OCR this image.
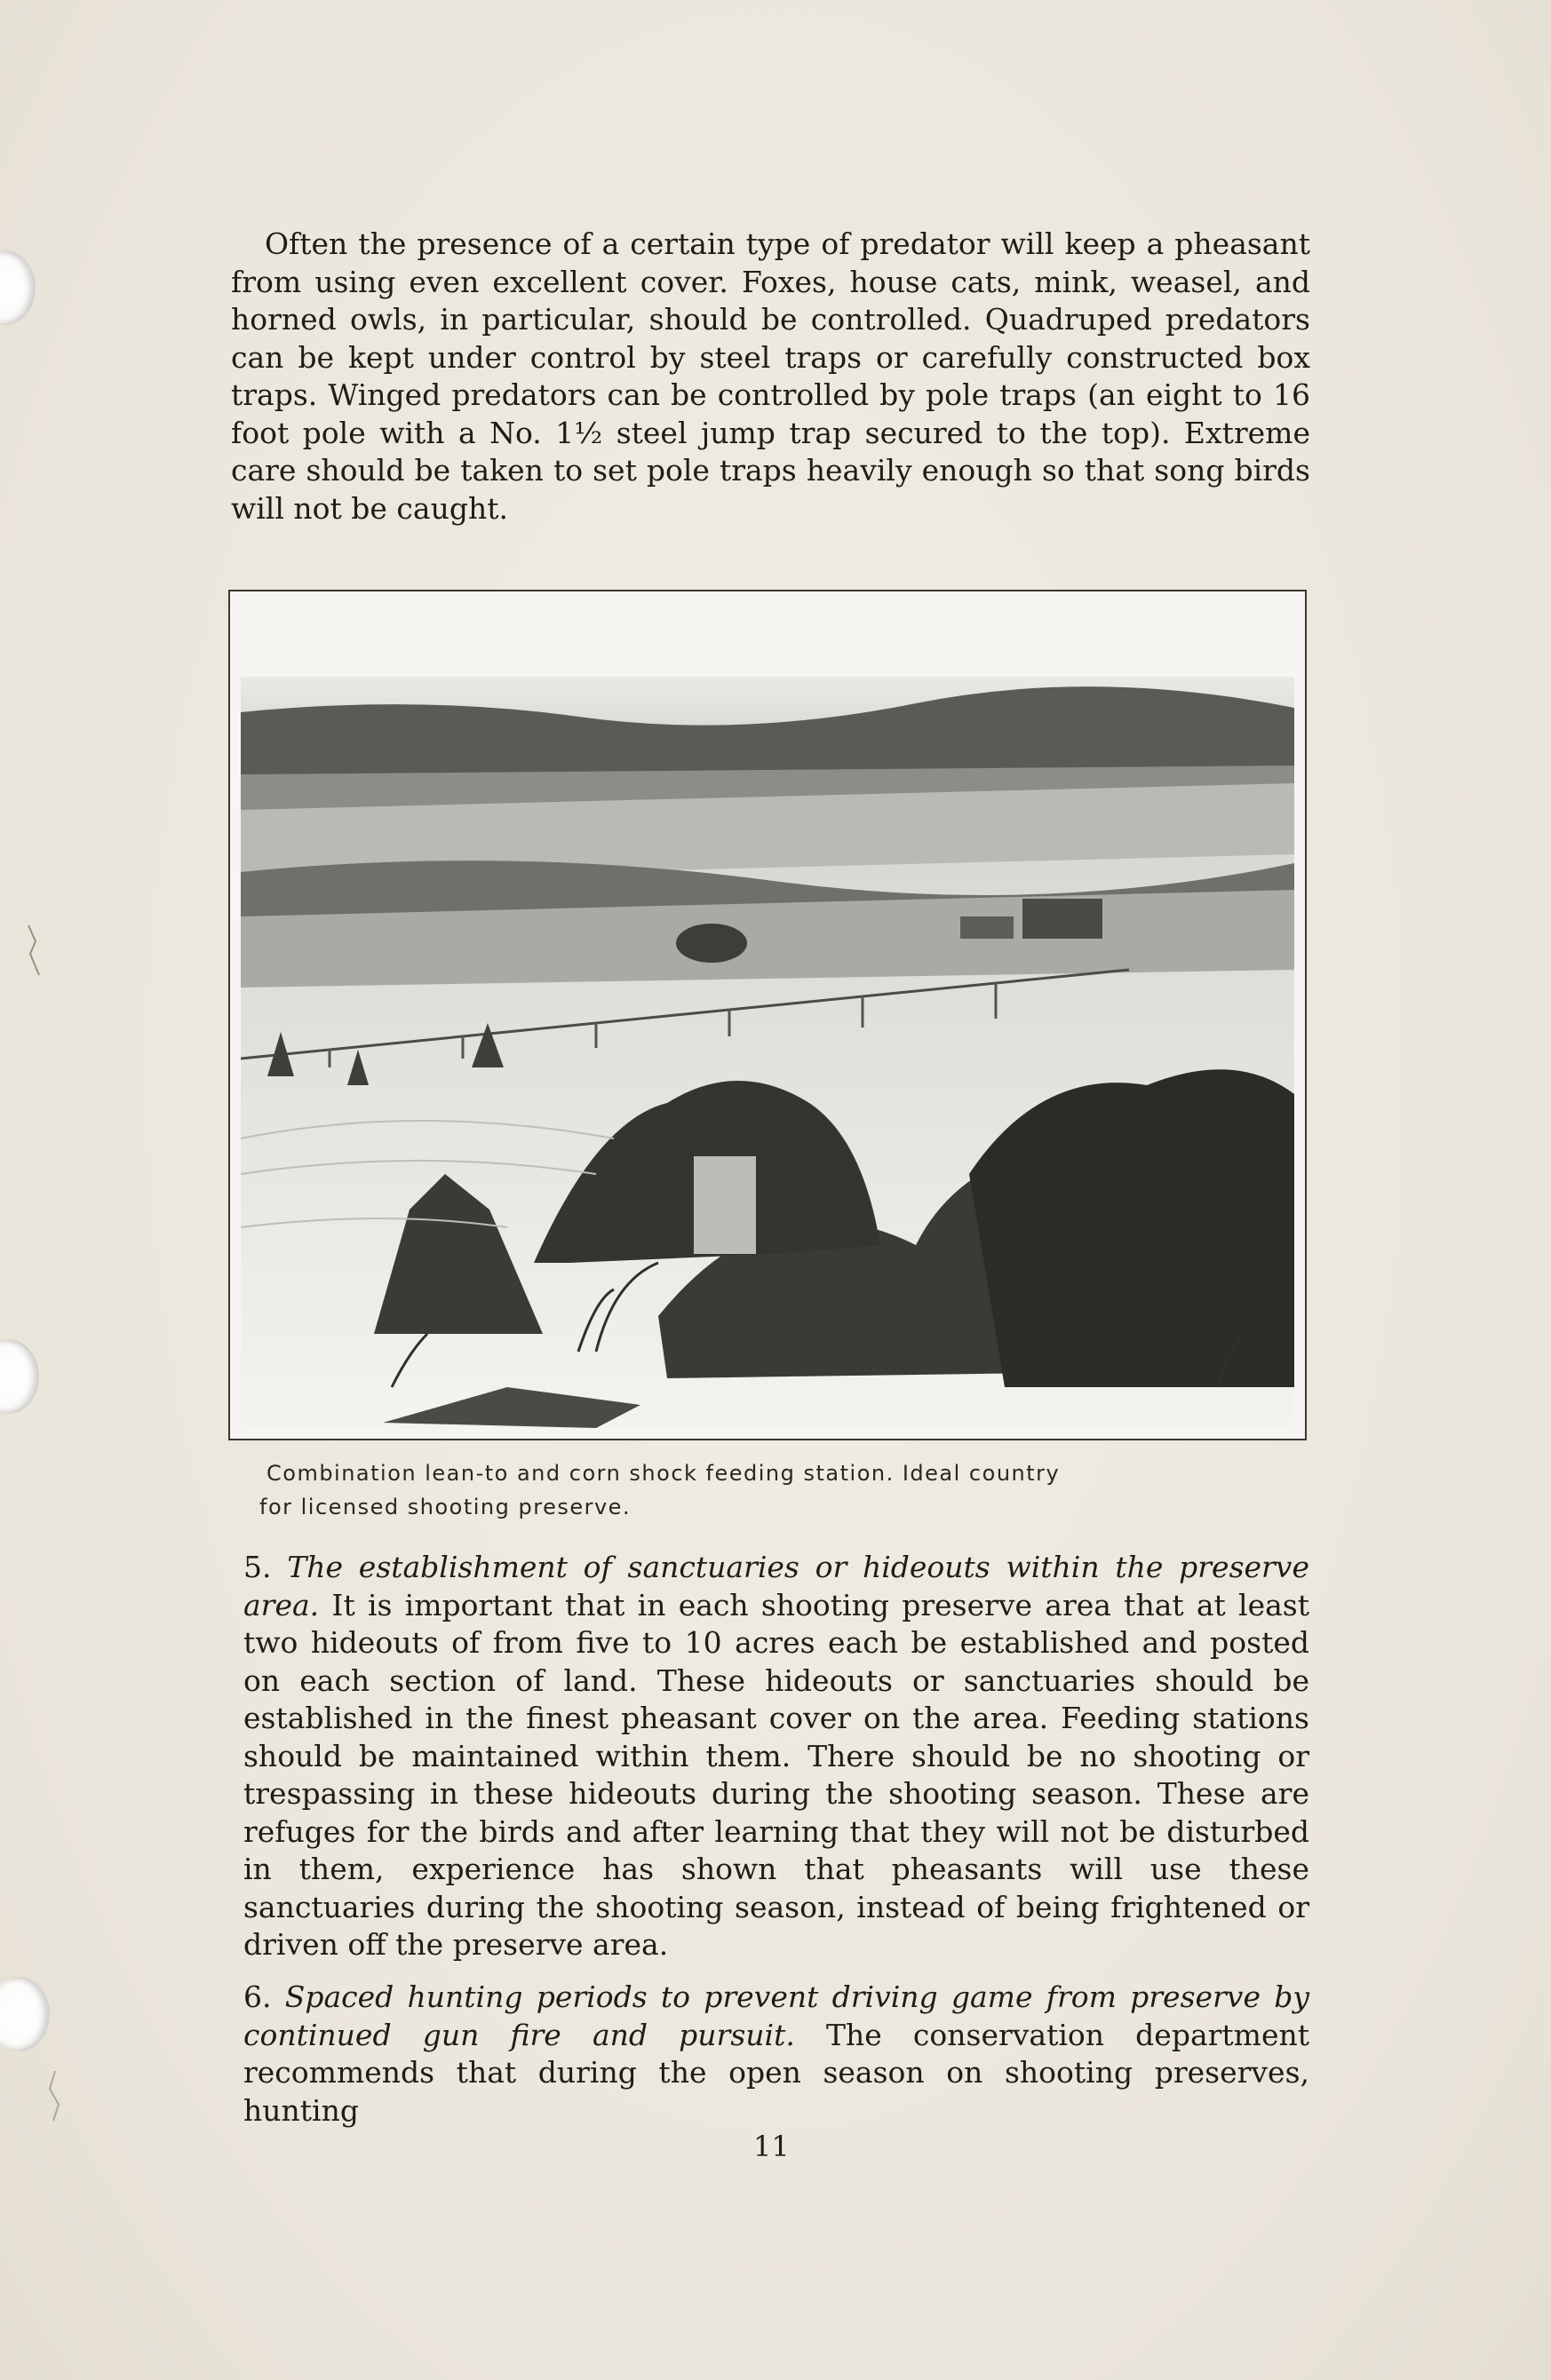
Often the presence of a certain type of predator will keep a pheasant from using even excellent cover. Foxes, house cats, mink, weasel, and horned owls, in particular, should be controlled. Quadruped predators can be kept under control by steel traps or carefully constructed box traps. Winged predators can be controlled by pole traps (an eight to 16 foot pole with a No. 1½ steel jump trap secured to the top). Extreme care should be taken to set pole traps heavily enough so that song birds will not be caught.

Combination lean-to and corn shock feeding station. Ideal country
for licensed shooting preserve.
5. The establishment of sanctuaries or hideouts within the preserve area. It is important that in each shooting preserve area that at least two hideouts of from five to 10 acres each be established and posted on each section of land. These hideouts or sanctuaries should be established in the finest pheasant cover on the area. Feeding stations should be maintained within them. There should be no shooting or trespassing in these hideouts during the shooting season. These are refuges for the birds and after learning that they will not be disturbed in them, experience has shown that pheasants will use these sanctuaries during the shooting season, instead of being frightened or driven off the preserve area.
6. Spaced hunting periods to prevent driving game from preserve by continued gun fire and pursuit. The conservation department recommends that during the open season on shooting preserves, hunting
11
